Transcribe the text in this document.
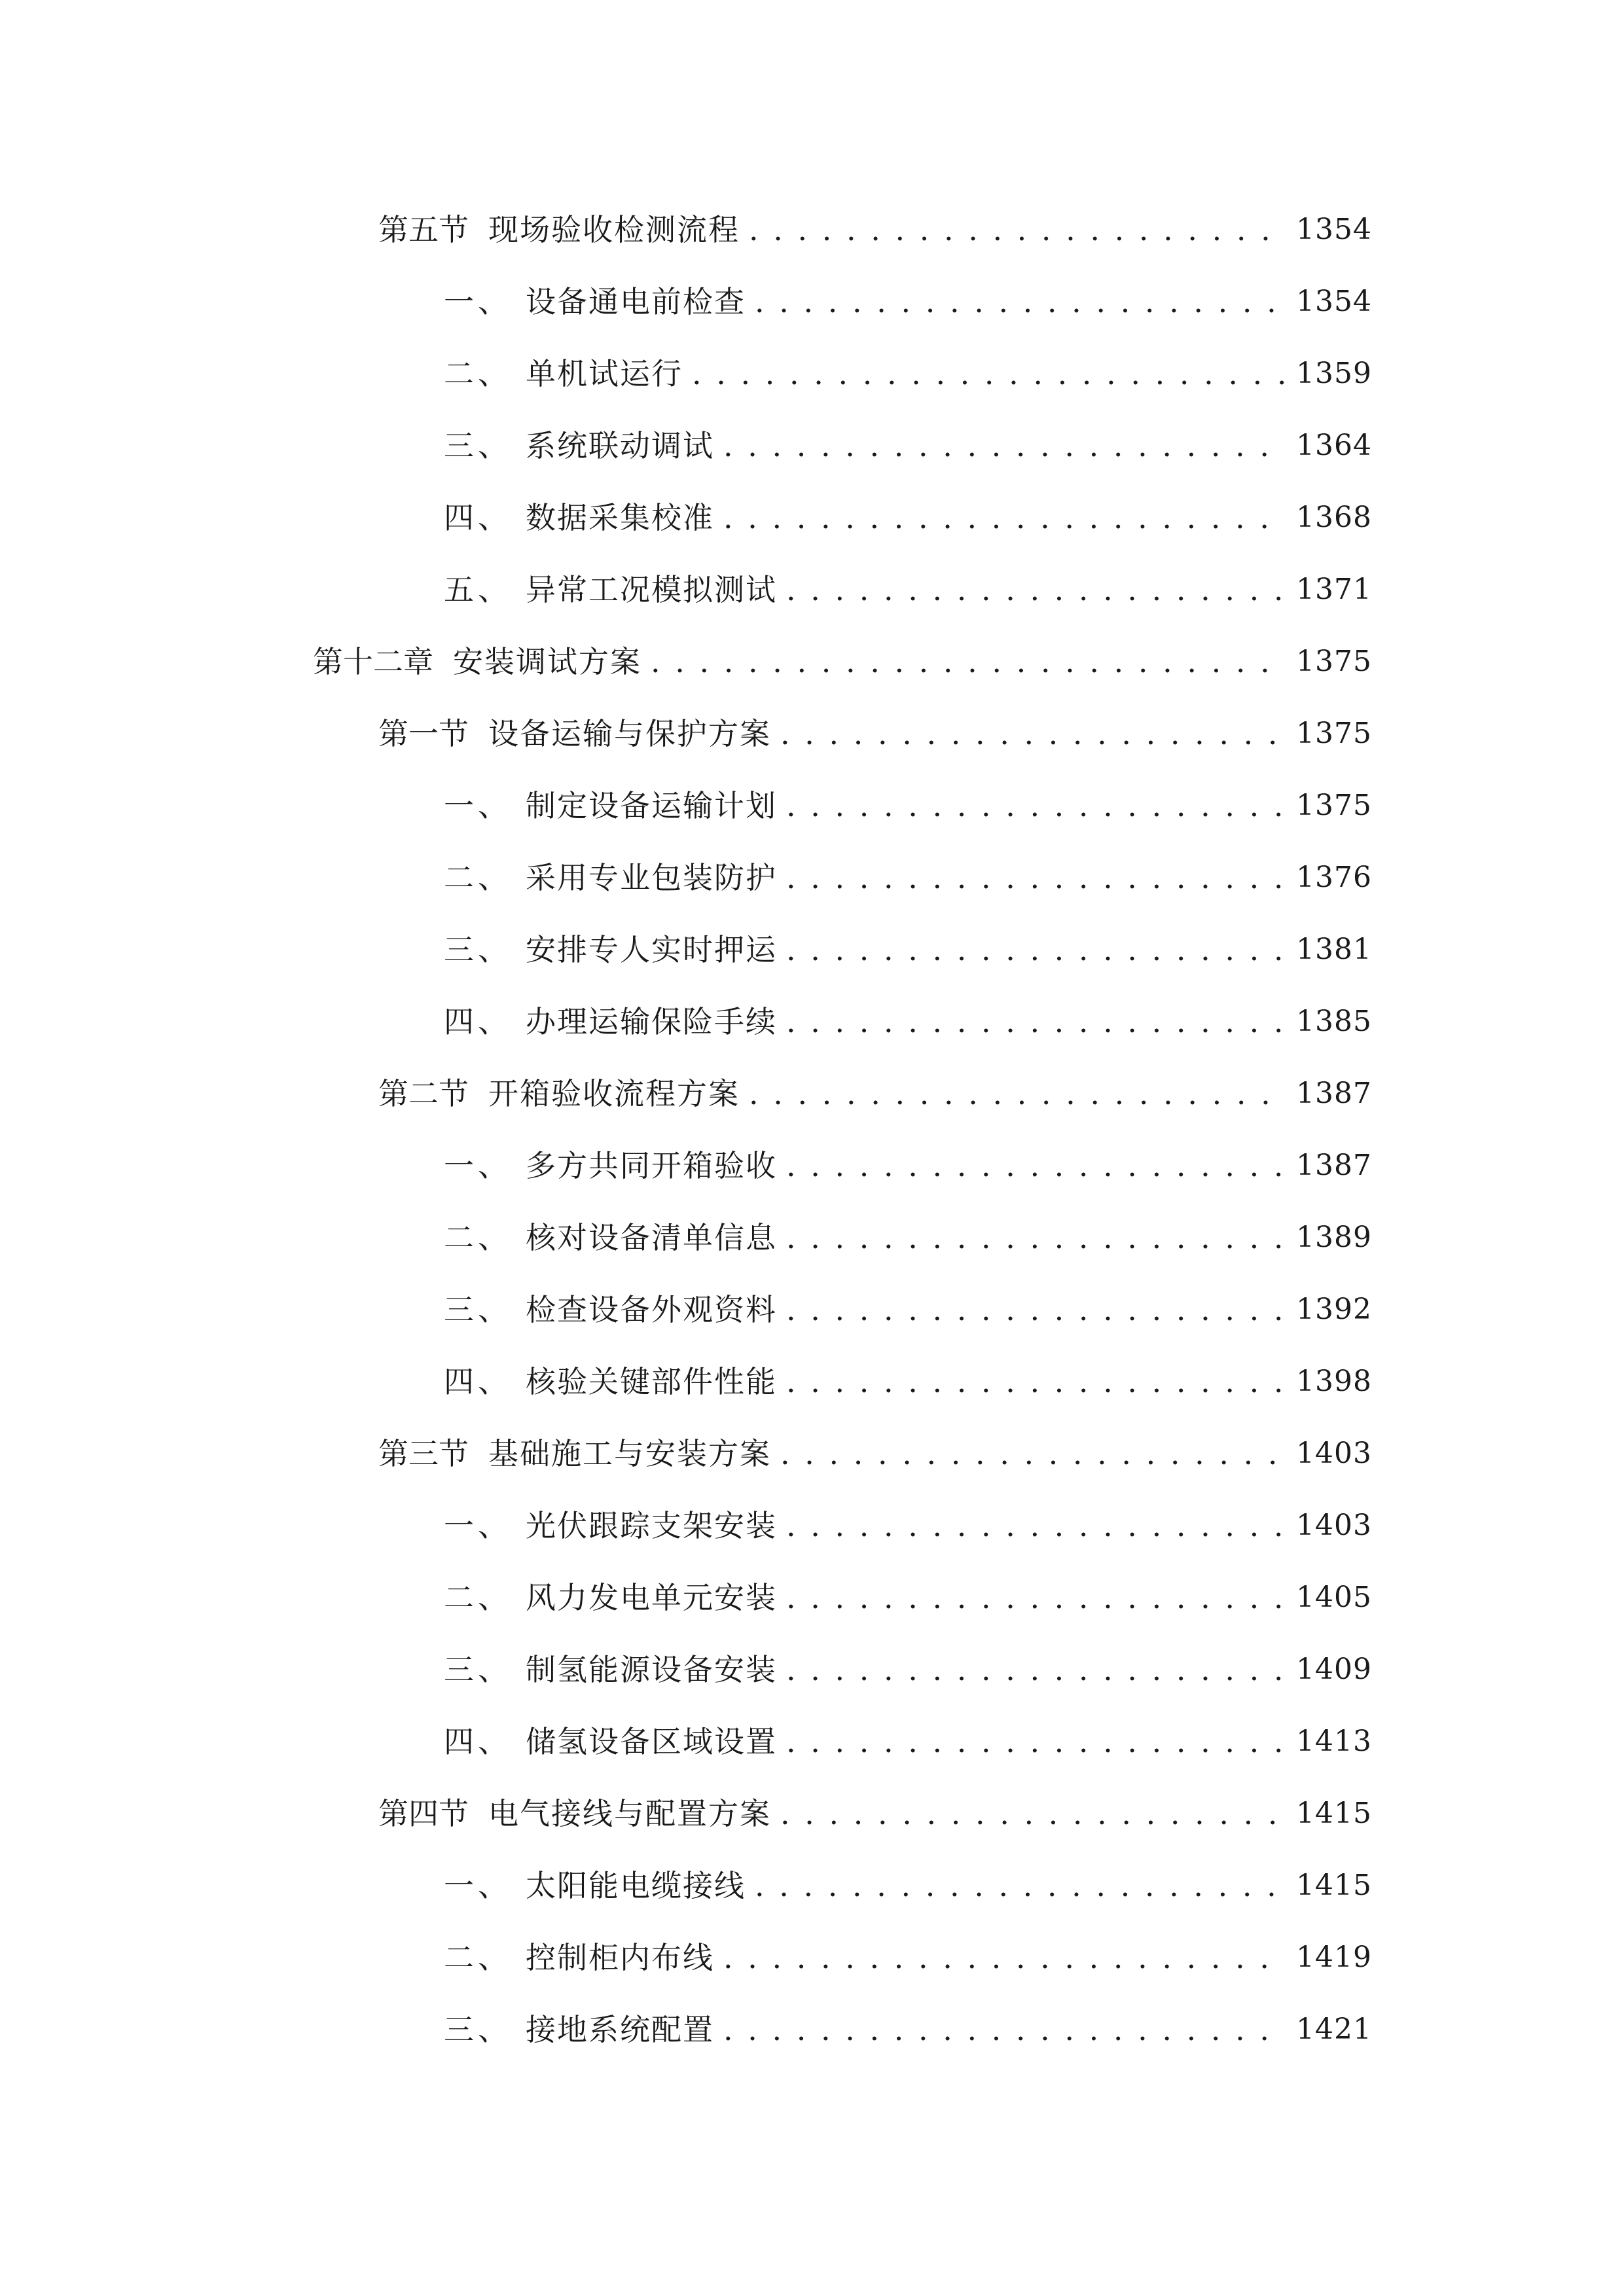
第五节 现场验收检测流程 . . .	1354
一、 设备通电前检查 . . .	1354
二、 单机试运行 . . .	1359
三、 系统联动调试 . . .	1364
四、 数据采集校准 . . .	1368
五、 异常工况模拟测试 . . .	1371
第十二章 安装调试方案 . . .	1375
第一节 设备运输与保护方案 . . .	1375
一、 制定设备运输计划 . . .	1375
二、 采用专业包装防护 . . .	1376
三、 安排专人实时押运 . . .	1381
四、 办理运输保险手续 . . .	1385
第二节 开箱验收流程方案 . . .	1387
一、 多方共同开箱验收 . . .	1387
二、 核对设备清单信息 . . .	1389
三、 检查设备外观资料 . . .	1392
四、 核验关键部件性能 . . .	1398
第三节 基础施工与安装方案 . . .	1403
一、 光伏跟踪支架安装 . . .	1403
二、 风力发电单元安装 . . .	1405
三、 制氢能源设备安装 . . .	1409
四、 储氢设备区域设置 . . .	1413
第四节 电气接线与配置方案 . . .	1415
一、 太阳能电缆接线 . . .	1415
二、 控制柜内布线 . . .	1419
三、 接地系统配置 . . .	1421
